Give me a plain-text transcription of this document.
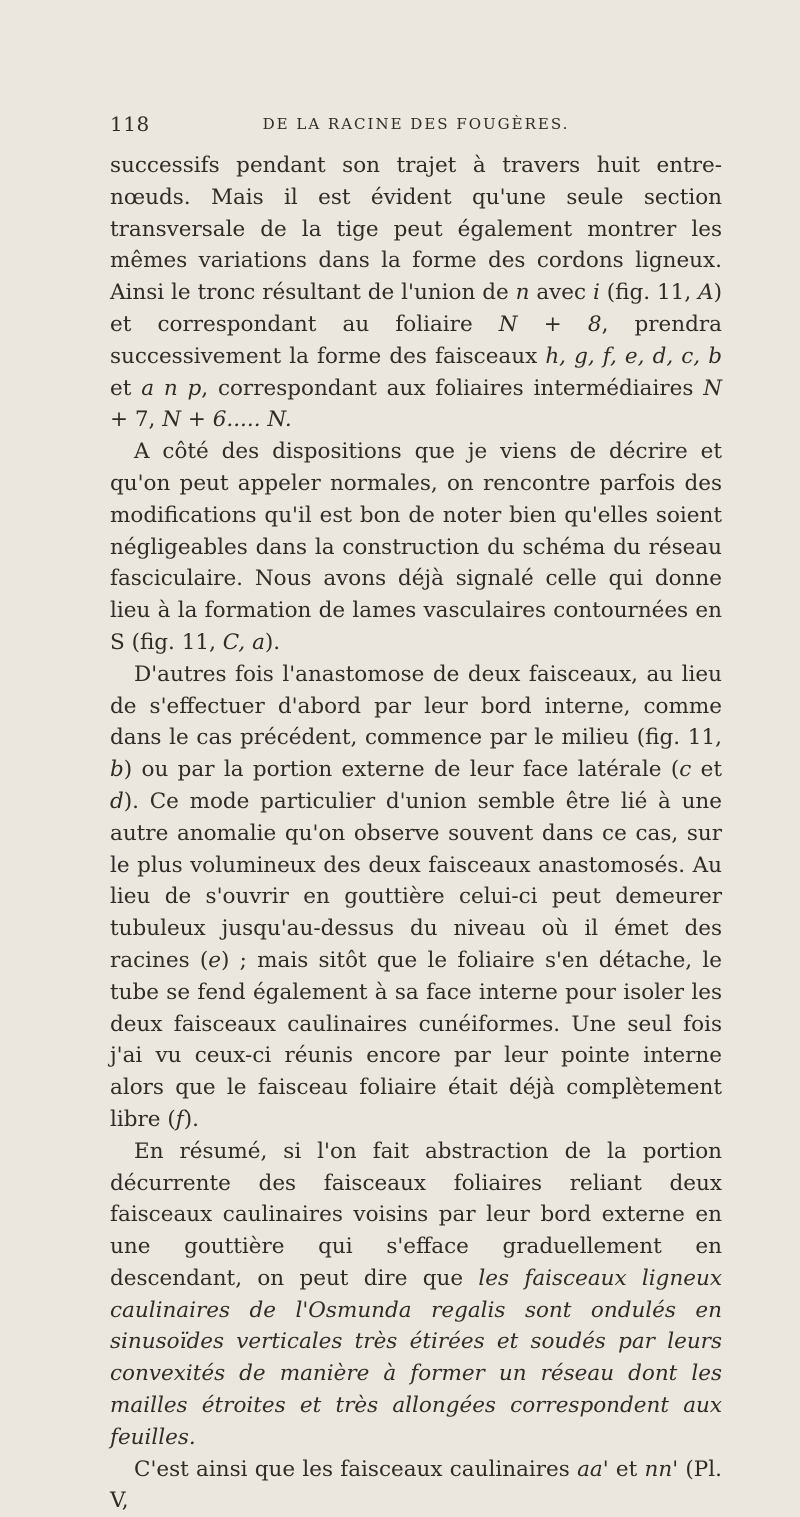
118	DE LA RACINE DES FOUGÈRES.

successifs pendant son trajet à travers huit entre-nœuds. Mais il est évident qu'une seule section transversale de la tige peut également montrer les mêmes variations dans la forme des cordons ligneux. Ainsi le tronc résultant de l'union de n avec i (fig. 11, A) et correspondant au foliaire N + 8, prendra successivement la forme des faisceaux h, g, f, e, d, c, b et a n p, correspondant aux foliaires intermédiaires N + 7, N + 6..... N.

A côté des dispositions que je viens de décrire et qu'on peut appeler normales, on rencontre parfois des modifications qu'il est bon de noter bien qu'elles soient négligeables dans la construction du schéma du réseau fasciculaire. Nous avons déjà signalé celle qui donne lieu à la formation de lames vasculaires contournées en S (fig. 11, C, a).

D'autres fois l'anastomose de deux faisceaux, au lieu de s'effectuer d'abord par leur bord interne, comme dans le cas précédent, commence par le milieu (fig. 11, b) ou par la portion externe de leur face latérale (c et d). Ce mode particulier d'union semble être lié à une autre anomalie qu'on observe souvent dans ce cas, sur le plus volumineux des deux faisceaux anastomosés. Au lieu de s'ouvrir en gouttière celui-ci peut demeurer tubuleux jusqu'au-dessus du niveau où il émet des racines (e) ; mais sitôt que le foliaire s'en détache, le tube se fend également à sa face interne pour isoler les deux faisceaux caulinaires cunéiformes. Une seul fois j'ai vu ceux-ci réunis encore par leur pointe interne alors que le faisceau foliaire était déjà complètement libre (f).

En résumé, si l'on fait abstraction de la portion décurrente des faisceaux foliaires reliant deux faisceaux caulinaires voisins par leur bord externe en une gouttière qui s'efface graduellement en descendant, on peut dire que les faisceaux ligneux caulinaires de l'Osmunda regalis sont ondulés en sinusoïdes verticales très étirées et soudés par leurs convexités de manière à former un réseau dont les mailles étroites et très allongées correspondent aux feuilles.

C'est ainsi que les faisceaux caulinaires aa' et nn' (Pl. V,
